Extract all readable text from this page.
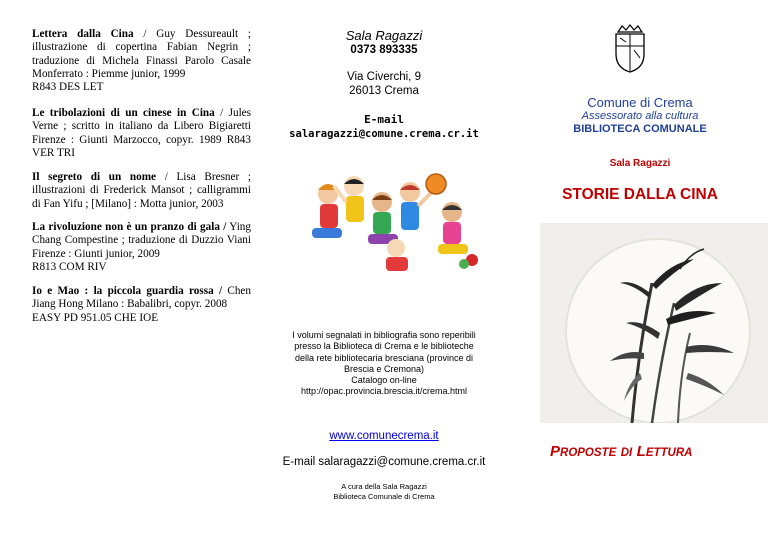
Lettera dalla Cina / Guy Dessureault ; illustrazione di copertina Fabian Negrin ; traduzione di Michela Finassi Parolo Casale Monferrato : Piemme junior, 1999
R843 DES LET
Le tribolazioni di un cinese in Cina / Jules Verne ; scritto in italiano da Libero Bigiaretti Firenze : Giunti Marzocco, copyr. 1989 R843 VER TRI
Il segreto di un nome / Lisa Bresner ; illustrazioni di Frederick Mansot ; calligrammi di Fan Yifu ; [Milano] : Motta junior, 2003
La rivoluzione non è un pranzo di gala / Ying Chang Compestine ; traduzione di Duzzio Viani Firenze : Giunti junior, 2009
R813 COM RIV
Io e Mao : la piccola guardia rossa / Chen Jiang Hong Milano : Babalibri, copyr. 2008
EASY PD 951.05 CHE IOE
Sala Ragazzi
0373 893335
Via Civerchi, 9
26013 Crema
E-mail
salaragazzi@comune.crema.cr.it
I volumi segnalati in bibliografia sono reperibili
presso la Biblioteca di Crema e le biblioteche
della rete bibliotecaria bresciana (province di
Brescia e Cremona)
Catalogo on-line
http://opac.provincia.brescia.it/crema.html
www.comunecrema.it
E-mail salaragazzi@comune.crema.cr.it
A cura della Sala Ragazzi
Biblioteca Comunale di Crema
Comune di Crema
Assessorato alla cultura
BIBLIOTECA COMUNALE
Sala Ragazzi
STORIE DALLA CINA
PROPOSTE DI LETTURA
